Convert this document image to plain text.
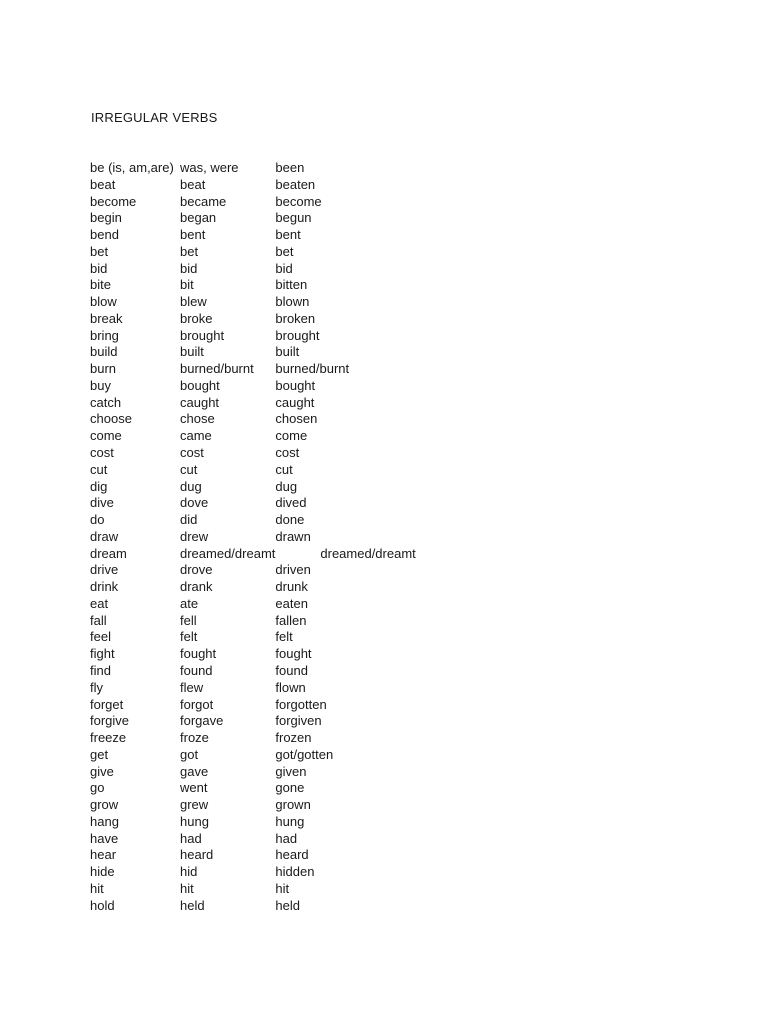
IRREGULAR VERBS
be (is, am,are)	was, were	been
beat	beat	beaten
become	became	become
begin	began	begun
bend	bent	bent
bet	bet	bet
bid	bid	bid
bite	bit	bitten
blow	blew	blown
break	broke	broken
bring	brought	brought
build	built	built
burn	burned/burnt	burned/burnt
buy	bought	bought
catch	caught	caught
choose	chose	chosen
come	came	come
cost	cost	cost
cut	cut	cut
dig	dug	dug
dive	dove	dived
do	did	done
draw	drew	drawn
dream	dreamed/dreamt	dreamed/dreamt

drive	drove	driven
drink	drank	drunk
eat	ate	eaten
fall	fell	fallen
feel	felt	felt
fight	fought	fought
find	found	found
fly	flew	flown
forget	forgot	forgotten
forgive	forgave	forgiven
freeze	froze	frozen
get	got	got/gotten
give	gave	given
go	went	gone
grow	grew	grown
hang	hung	hung
have	had	had
hear	heard	heard
hide	hid	hidden
hit	hit	hit
hold	held	held
